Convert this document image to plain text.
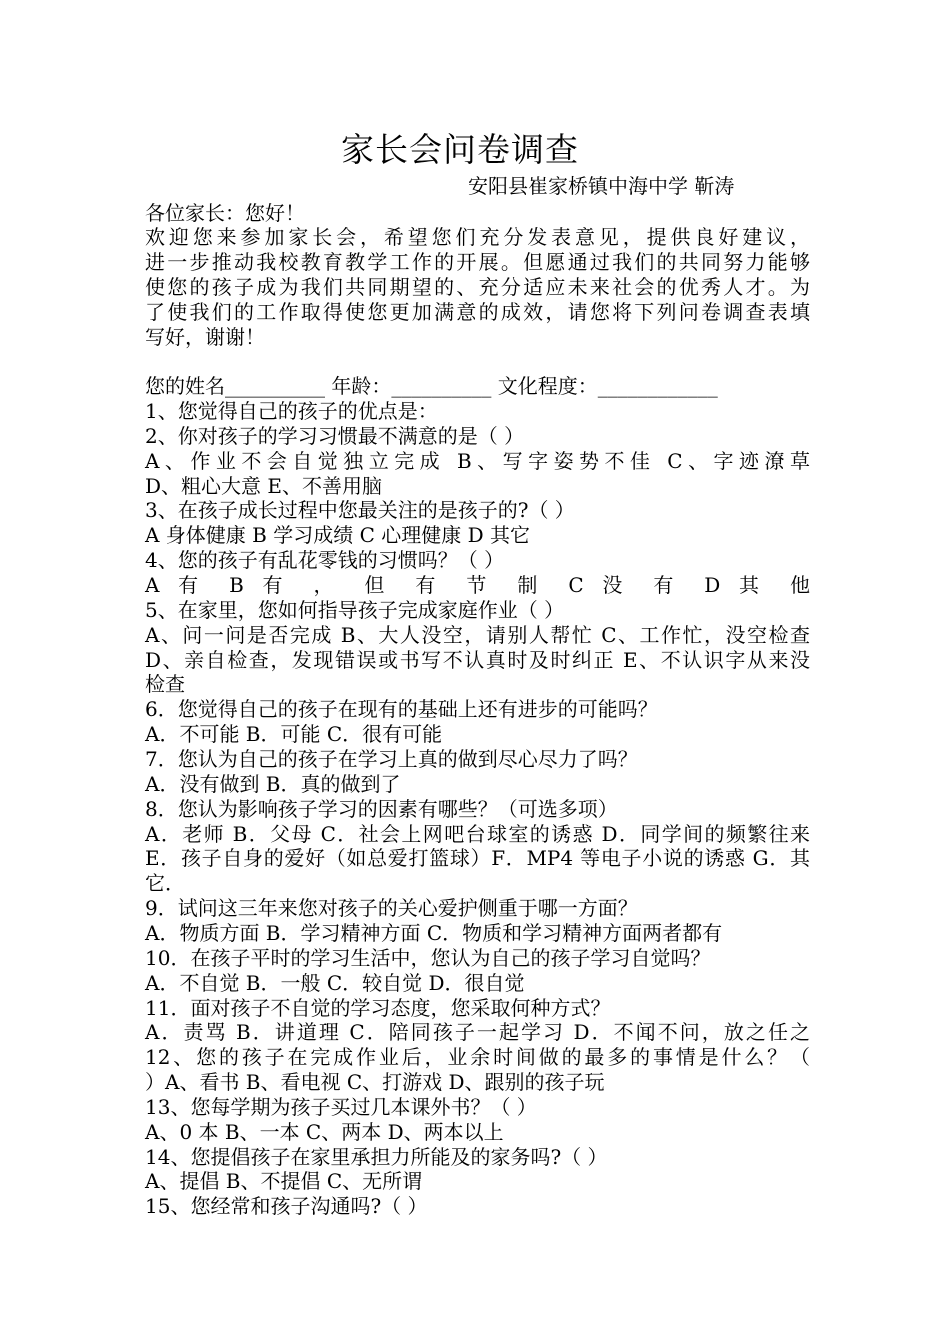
家长会问卷调查
安阳县崔家桥镇中海中学 靳涛
各位家长：您好！
欢迎您来参加家长会，希望您们充分发表意见，提供良好建议，
进一步推动我校教育教学工作的开展。但愿通过我们的共同努力能够
使您的孩子成为我们共同期望的、充分适应未来社会的优秀人才。为
了使我们的工作取得使您更加满意的成效，请您将下列问卷调查表填
写好，谢谢！
您的姓名__________ 年龄：__________ 文化程度：____________
1、您觉得自己的孩子的优点是：
2、你对孩子的学习习惯最不满意的是（ ）
A、作业不会自觉独立完成 B、写字姿势不佳 C、字迹潦草
D、粗心大意 E、不善用脑
3、在孩子成长过程中您最关注的是孩子的?（ ）
A 身体健康 B 学习成绩 C 心理健康 D 其它
4、您的孩子有乱花零钱的习惯吗？（ ）
A 有 B 有 ， 但 有 节 制 C 没 有 D 其 他
5、在家里，您如何指导孩子完成家庭作业（ ）
A、问一问是否完成 B、大人没空，请别人帮忙 C、工作忙，没空检查
D、亲自检查，发现错误或书写不认真时及时纠正 E、不认识字从来没
检查
6．您觉得自己的孩子在现有的基础上还有进步的可能吗？
A．不可能 B．可能 C．很有可能
7．您认为自己的孩子在学习上真的做到尽心尽力了吗？
A．没有做到 B．真的做到了
8．您认为影响孩子学习的因素有哪些？（可选多项）
A．老师 B．父母 C．社会上网吧台球室的诱惑 D．同学间的频繁往来
E．孩子自身的爱好（如总爱打篮球）F．MP4 等电子小说的诱惑 G．其
它．
9．试问这三年来您对孩子的关心爱护侧重于哪一方面？
A．物质方面 B．学习精神方面 C．物质和学习精神方面两者都有
10．在孩子平时的学习生活中，您认为自己的孩子学习自觉吗？
A．不自觉 B．一般 C．较自觉 D．很自觉
11．面对孩子不自觉的学习态度，您采取何种方式？
A．责骂 B．讲道理 C．陪同孩子一起学习 D．不闻不问，放之任之
12、您的孩子在完成作业后，业余时间做的最多的事情是什么？（
）A、看书 B、看电视 C、打游戏 D、跟别的孩子玩
13、您每学期为孩子买过几本课外书？（ ）
A、0 本 B、一本 C、两本 D、两本以上
14、您提倡孩子在家里承担力所能及的家务吗?（ ）
A、提倡 B、不提倡 C、无所谓
15、您经常和孩子沟通吗?（ ）
